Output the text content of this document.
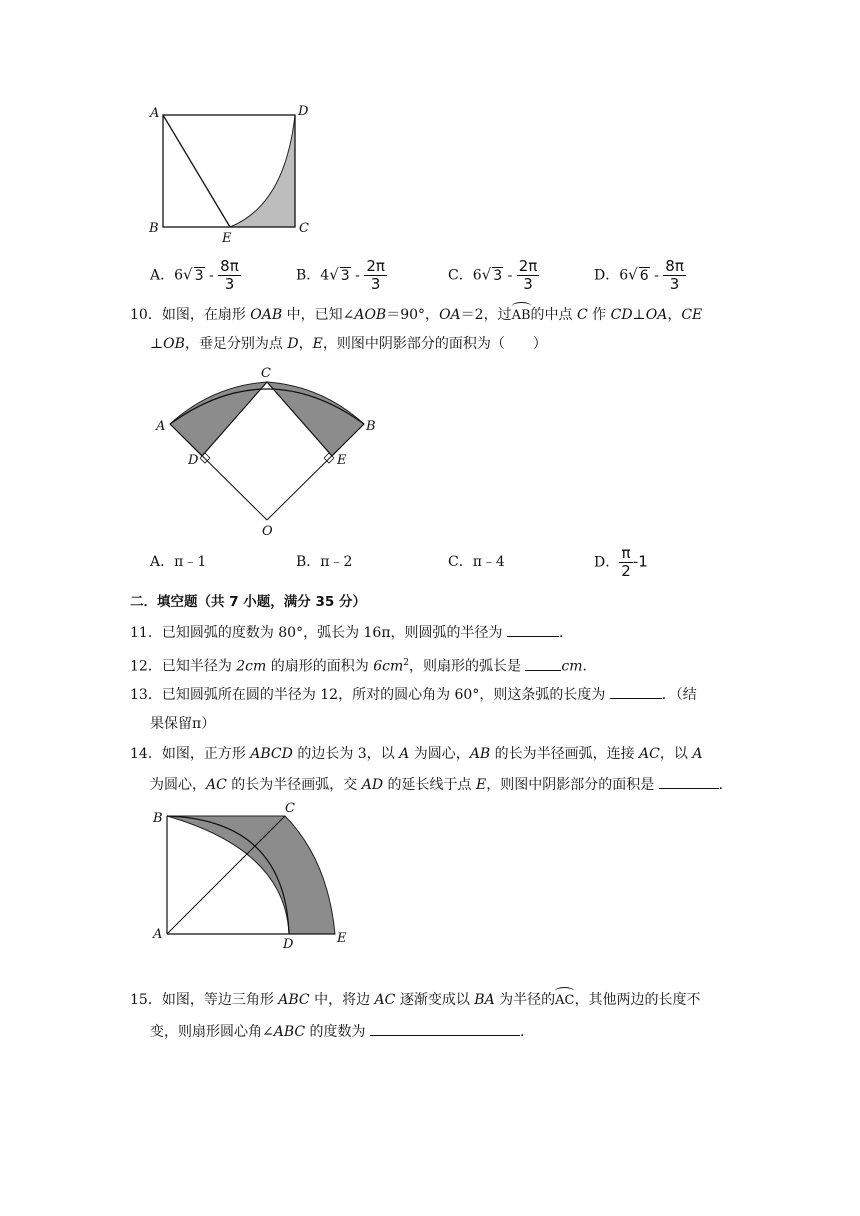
A	D
B	C
E
A．6√ $3 - \frac{8\pi}{3}$	B．4√ $3 - \frac{2\pi}{3}$	C．6√ $3 - \frac{2\pi}{3}$	D．6√ $6 - \frac{8\pi}{3}$
10．如图，在扇形 OAB 中，已知∠AOB＝90°，OA＝2，过AB的中点 C 作 CD⊥OA，CE
⊥OB，垂足分别为点 D，E，则图中阴影部分的面积为（　　）
C
A	B
D	E
O
A．π﹣1	B．π﹣2	C．π﹣4	D． $\frac{\pi}{2} -1$
二．填空题（共 7 小题，满分 35 分）
11．已知圆弧的度数为 80°，弧长为 16π，则圆弧的半径为	．
12．已知半径为 2cm 的扇形的面积为 $6cm^2$，则扇形的弧长是	cm．
13．已知圆弧所在圆的半径为 12，所对的圆心角为 60°，则这条弧的长度为	．（结
果保留π）
14．如图，正方形 ABCD 的边长为 3，以 A 为圆心，AB 的长为半径画弧，连接 AC，以 A
为圆心，AC 的长为半径画弧，交 AD 的延长线于点 E，则图中阴影部分的面积是	．
B
C
A
D	E
15．如图，等边三角形 ABC 中，将边 AC 逐渐变成以 BA 为半径的AC，其他两边的长度不
变，则扇形圆心角∠ABC 的度数为	．
